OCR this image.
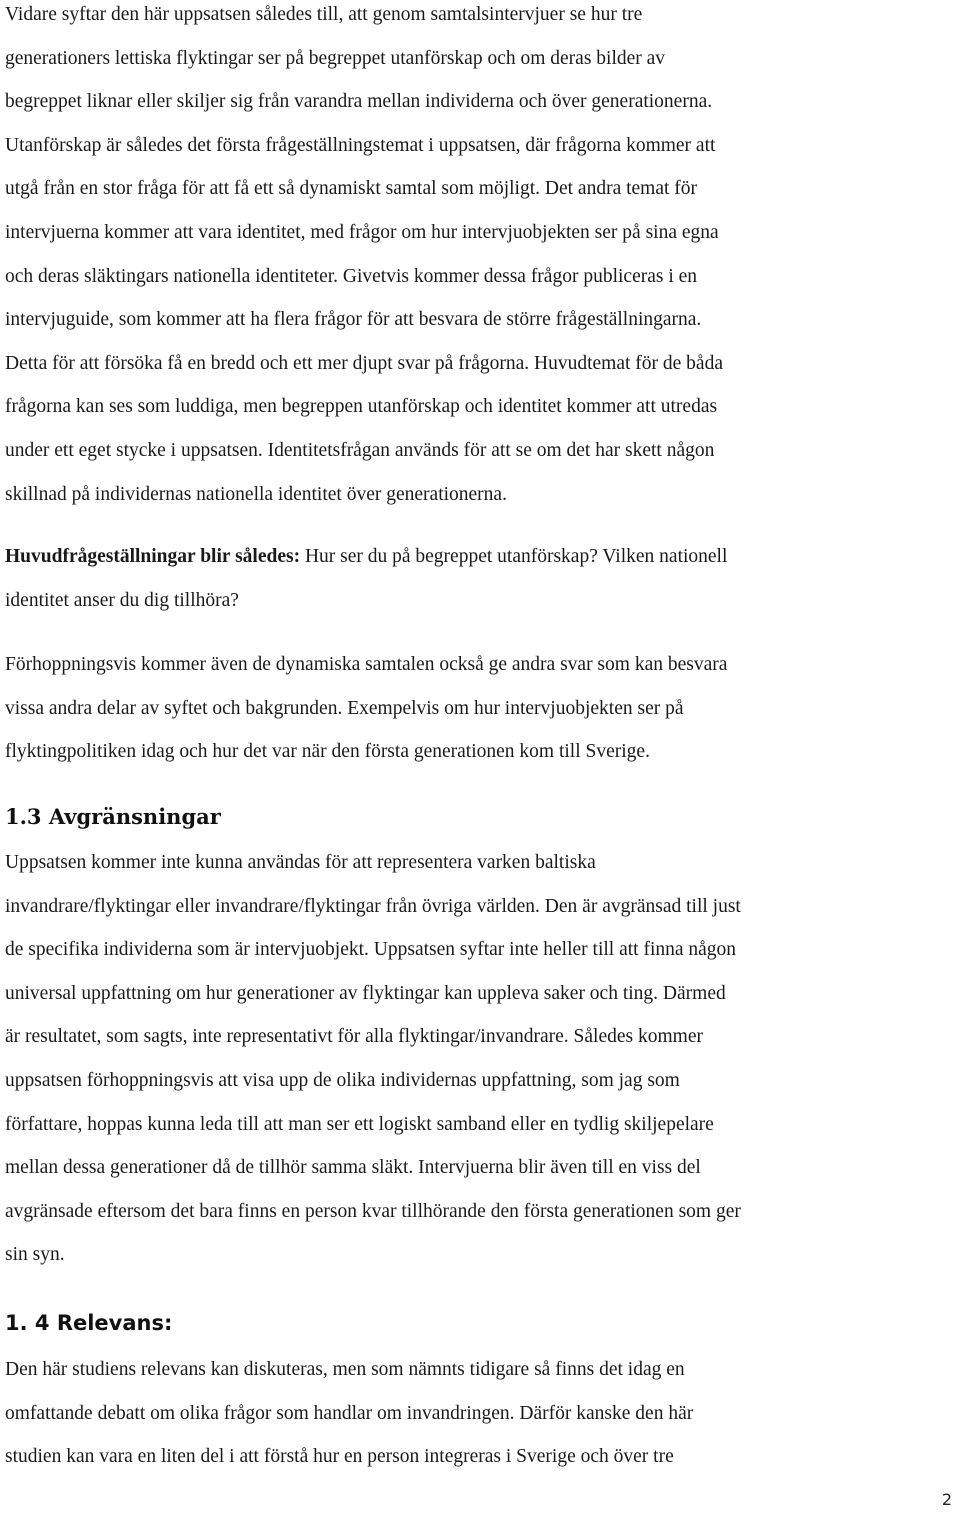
Vidare syftar den här uppsatsen således till, att genom samtalsintervjuer se hur tre
generationers lettiska flyktingar ser på begreppet utanförskap och om deras bilder av
begreppet liknar eller skiljer sig från varandra mellan individerna och över generationerna.
Utanförskap är således det första frågeställningstemat i uppsatsen, där frågorna kommer att
utgå från en stor fråga för att få ett så dynamiskt samtal som möjligt. Det andra temat för
intervjuerna kommer att vara identitet, med frågor om hur intervjuobjekten ser på sina egna
och deras släktingars nationella identiteter. Givetvis kommer dessa frågor publiceras i en
intervjuguide, som kommer att ha flera frågor för att besvara de större frågeställningarna.
Detta för att försöka få en bredd och ett mer djupt svar på frågorna. Huvudtemat för de båda
frågorna kan ses som luddiga, men begreppen utanförskap och identitet kommer att utredas
under ett eget stycke i uppsatsen. Identitetsfrågan används för att se om det har skett någon
skillnad på individernas nationella identitet över generationerna.
Huvudfrågeställningar blir således: Hur ser du på begreppet utanförskap? Vilken nationell
identitet anser du dig tillhöra?
Förhoppningsvis kommer även de dynamiska samtalen också ge andra svar som kan besvara
vissa andra delar av syftet och bakgrunden. Exempelvis om hur intervjuobjekten ser på
flyktingpolitiken idag och hur det var när den första generationen kom till Sverige.
1.3 Avgränsningar
Uppsatsen kommer inte kunna användas för att representera varken baltiska
invandrare/flyktingar eller invandrare/flyktingar från övriga världen. Den är avgränsad till just
de specifika individerna som är intervjuobjekt. Uppsatsen syftar inte heller till att finna någon
universal uppfattning om hur generationer av flyktingar kan uppleva saker och ting. Därmed
är resultatet, som sagts, inte representativt för alla flyktingar/invandrare. Således kommer
uppsatsen förhoppningsvis att visa upp de olika individernas uppfattning, som jag som
författare, hoppas kunna leda till att man ser ett logiskt samband eller en tydlig skiljepelare
mellan dessa generationer då de tillhör samma släkt. Intervjuerna blir även till en viss del
avgränsade eftersom det bara finns en person kvar tillhörande den första generationen som ger
sin syn.
1. 4 Relevans:
Den här studiens relevans kan diskuteras, men som nämnts tidigare så finns det idag en
omfattande debatt om olika frågor som handlar om invandringen. Därför kanske den här
studien kan vara en liten del i att förstå hur en person integreras i Sverige och över tre
2
